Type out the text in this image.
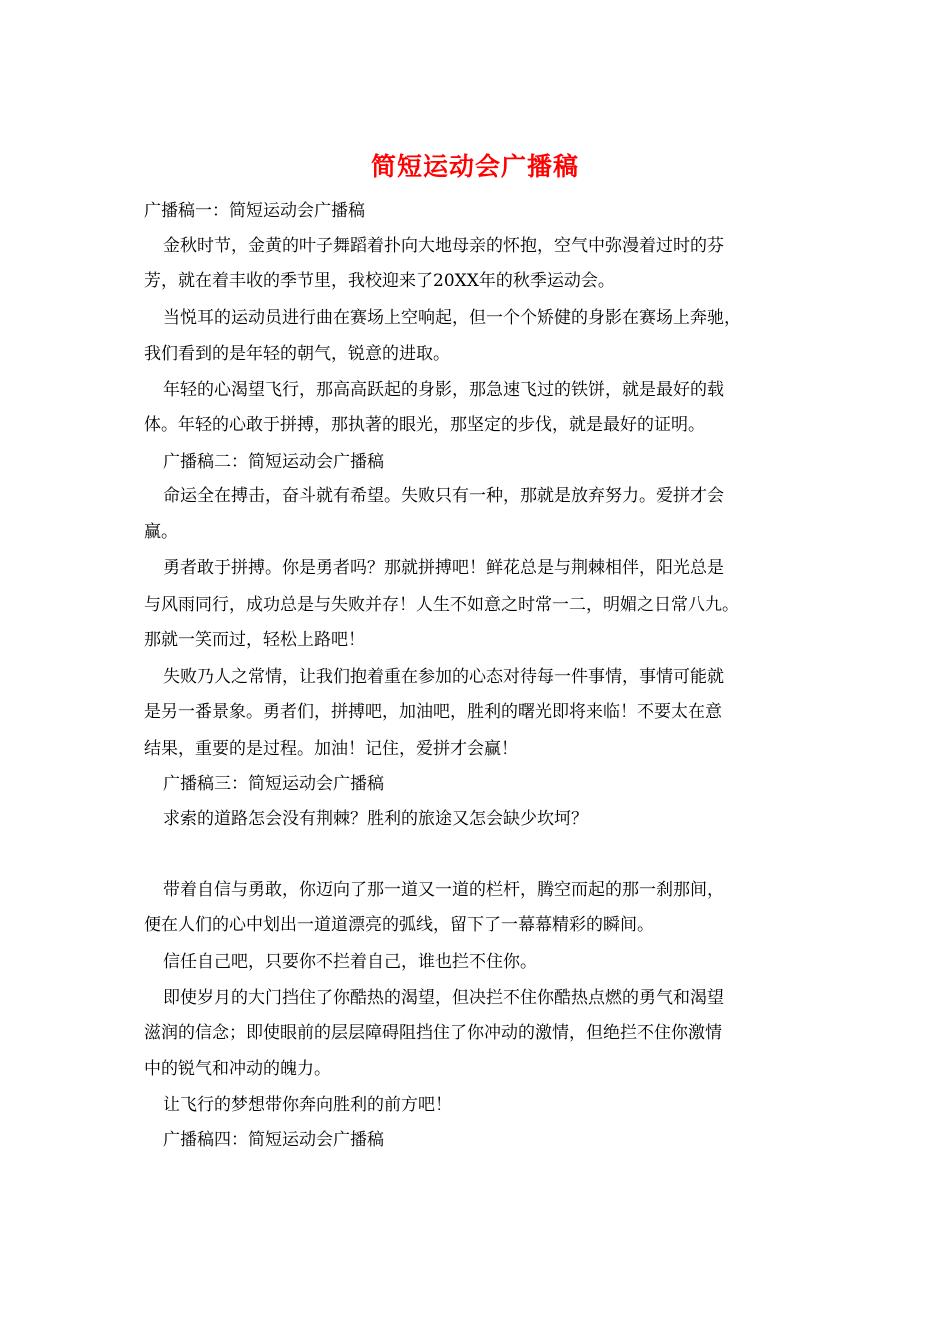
简短运动会广播稿
广播稿一：简短运动会广播稿
金秋时节，金黄的叶子舞蹈着扑向大地母亲的怀抱，空气中弥漫着过时的芬
芳，就在着丰收的季节里，我校迎来了20XX年的秋季运动会。
当悦耳的运动员进行曲在赛场上空响起，但一个个矫健的身影在赛场上奔驰，
我们看到的是年轻的朝气，锐意的进取。
年轻的心渴望飞行，那高高跃起的身影，那急速飞过的铁饼，就是最好的载
体。年轻的心敢于拼搏，那执著的眼光，那坚定的步伐，就是最好的证明。
广播稿二：简短运动会广播稿
命运全在搏击，奋斗就有希望。失败只有一种，那就是放弃努力。爱拼才会
赢。
勇者敢于拼搏。你是勇者吗？那就拼搏吧！鲜花总是与荆棘相伴，阳光总是
与风雨同行，成功总是与失败并存！人生不如意之时常一二，明媚之日常八九。
那就一笑而过，轻松上路吧！
失败乃人之常情，让我们抱着重在参加的心态对待每一件事情，事情可能就
是另一番景象。勇者们，拼搏吧，加油吧，胜利的曙光即将来临！不要太在意
结果，重要的是过程。加油！记住，爱拼才会赢！
广播稿三：简短运动会广播稿
求索的道路怎会没有荆棘？胜利的旅途又怎会缺少坎坷？
带着自信与勇敢，你迈向了那一道又一道的栏杆，腾空而起的那一刹那间，
便在人们的心中划出一道道漂亮的弧线，留下了一幕幕精彩的瞬间。
信任自己吧，只要你不拦着自己，谁也拦不住你。
即使岁月的大门挡住了你酷热的渴望，但决拦不住你酷热点燃的勇气和渴望
滋润的信念；即使眼前的层层障碍阻挡住了你冲动的激情，但绝拦不住你激情
中的锐气和冲动的魄力。
让飞行的梦想带你奔向胜利的前方吧！
广播稿四：简短运动会广播稿
